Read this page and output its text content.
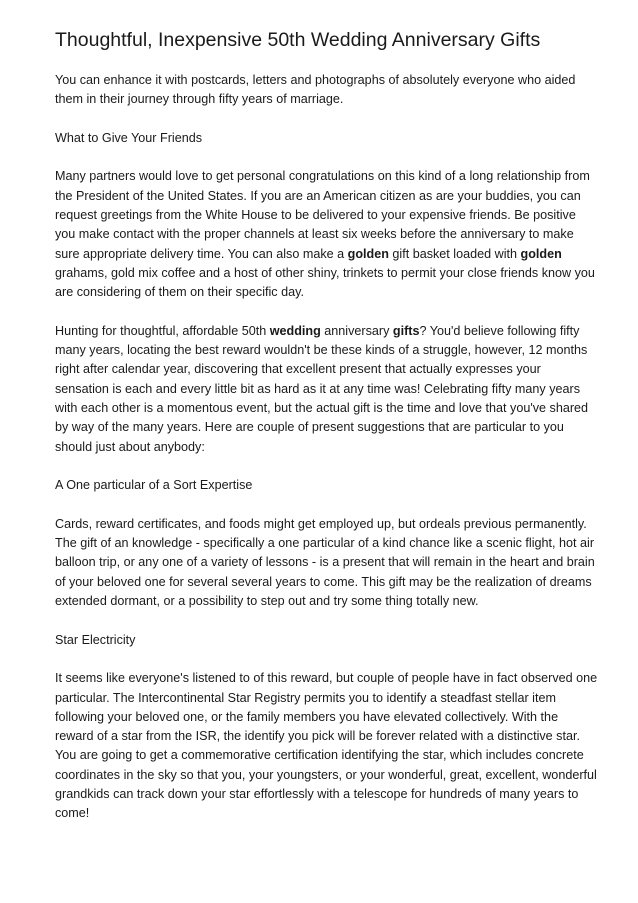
Thoughtful, Inexpensive 50th Wedding Anniversary Gifts

You can enhance it with postcards, letters and photographs of absolutely everyone who aided them in their journey through fifty years of marriage.

What to Give Your Friends

Many partners would love to get personal congratulations on this kind of a long relationship from the President of the United States. If you are an American citizen as are your buddies, you can request greetings from the White House to be delivered to your expensive friends. Be positive you make contact with the proper channels at least six weeks before the anniversary to make sure appropriate delivery time. You can also make a golden gift basket loaded with golden grahams, gold mix coffee and a host of other shiny, trinkets to permit your close friends know you are considering of them on their specific day.

Hunting for thoughtful, affordable 50th wedding anniversary gifts? You'd believe following fifty many years, locating the best reward wouldn't be these kinds of a struggle, however, 12 months right after calendar year, discovering that excellent present that actually expresses your sensation is each and every little bit as hard as it at any time was! Celebrating fifty many years with each other is a momentous event, but the actual gift is the time and love that you've shared by way of the many years. Here are couple of present suggestions that are particular to you should just about anybody:

A One particular of a Sort Expertise

Cards, reward certificates, and foods might get employed up, but ordeals previous permanently. The gift of an knowledge - specifically a one particular of a kind chance like a scenic flight, hot air balloon trip, or any one of a variety of lessons - is a present that will remain in the heart and brain of your beloved one for several several years to come. This gift may be the realization of dreams extended dormant, or a possibility to step out and try some thing totally new.

Star Electricity

It seems like everyone's listened to of this reward, but couple of people have in fact observed one particular. The Intercontinental Star Registry permits you to identify a steadfast stellar item following your beloved one, or the family members you have elevated collectively. With the reward of a star from the ISR, the identify you pick will be forever related with a distinctive star. You are going to get a commemorative certification identifying the star, which includes concrete coordinates in the sky so that you, your youngsters, or your wonderful, great, excellent, wonderful grandkids can track down your star effortlessly with a telescope for hundreds of many years to come!
